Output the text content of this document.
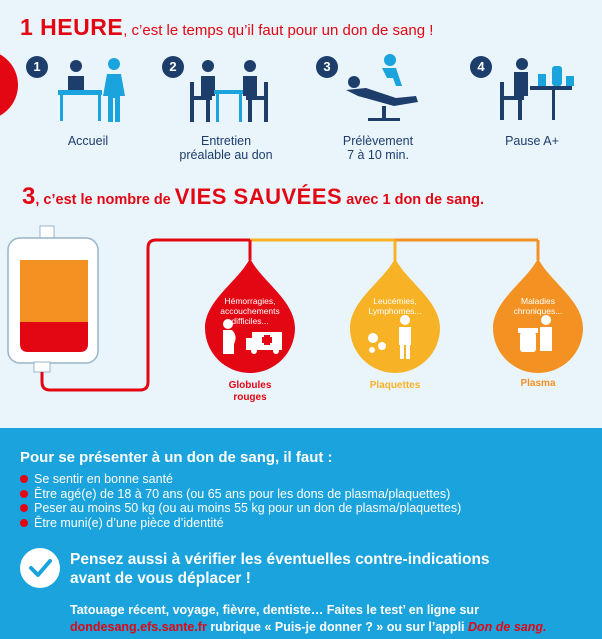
1 HEURE, c’est le temps qu’il faut pour un don de sang !
1
Accueil
2
Entretien
préalable au don
3
Prélèvement
7 à 10 min.
4
Pause A+
3, c’est le nombre de VIES SAUVÉES avec 1 don de sang.
Hémorragies,
accouchements
difficiles...
Globules
rouges
Leucémies,
Lymphomes...
Plaquettes
Maladies
chroniques...
Plasma
Pour se présenter à un don de sang, il faut :
Se sentir en bonne santé
Être agé(e) de 18 à 70 ans (ou 65 ans pour les dons de plasma/plaquettes)
Peser au moins 50 kg (ou au moins 55 kg pour un don de plasma/plaquettes)
Être muni(e) d’une pièce d’identité
Pensez aussi à vérifier les éventuelles contre-indications
avant de vous déplacer !
Tatouage récent, voyage, fièvre, dentiste… Faites le test’ en ligne sur
dondesang.efs.sante.fr rubrique « Puis-je donner ? » ou sur l’appli Don de sang.
